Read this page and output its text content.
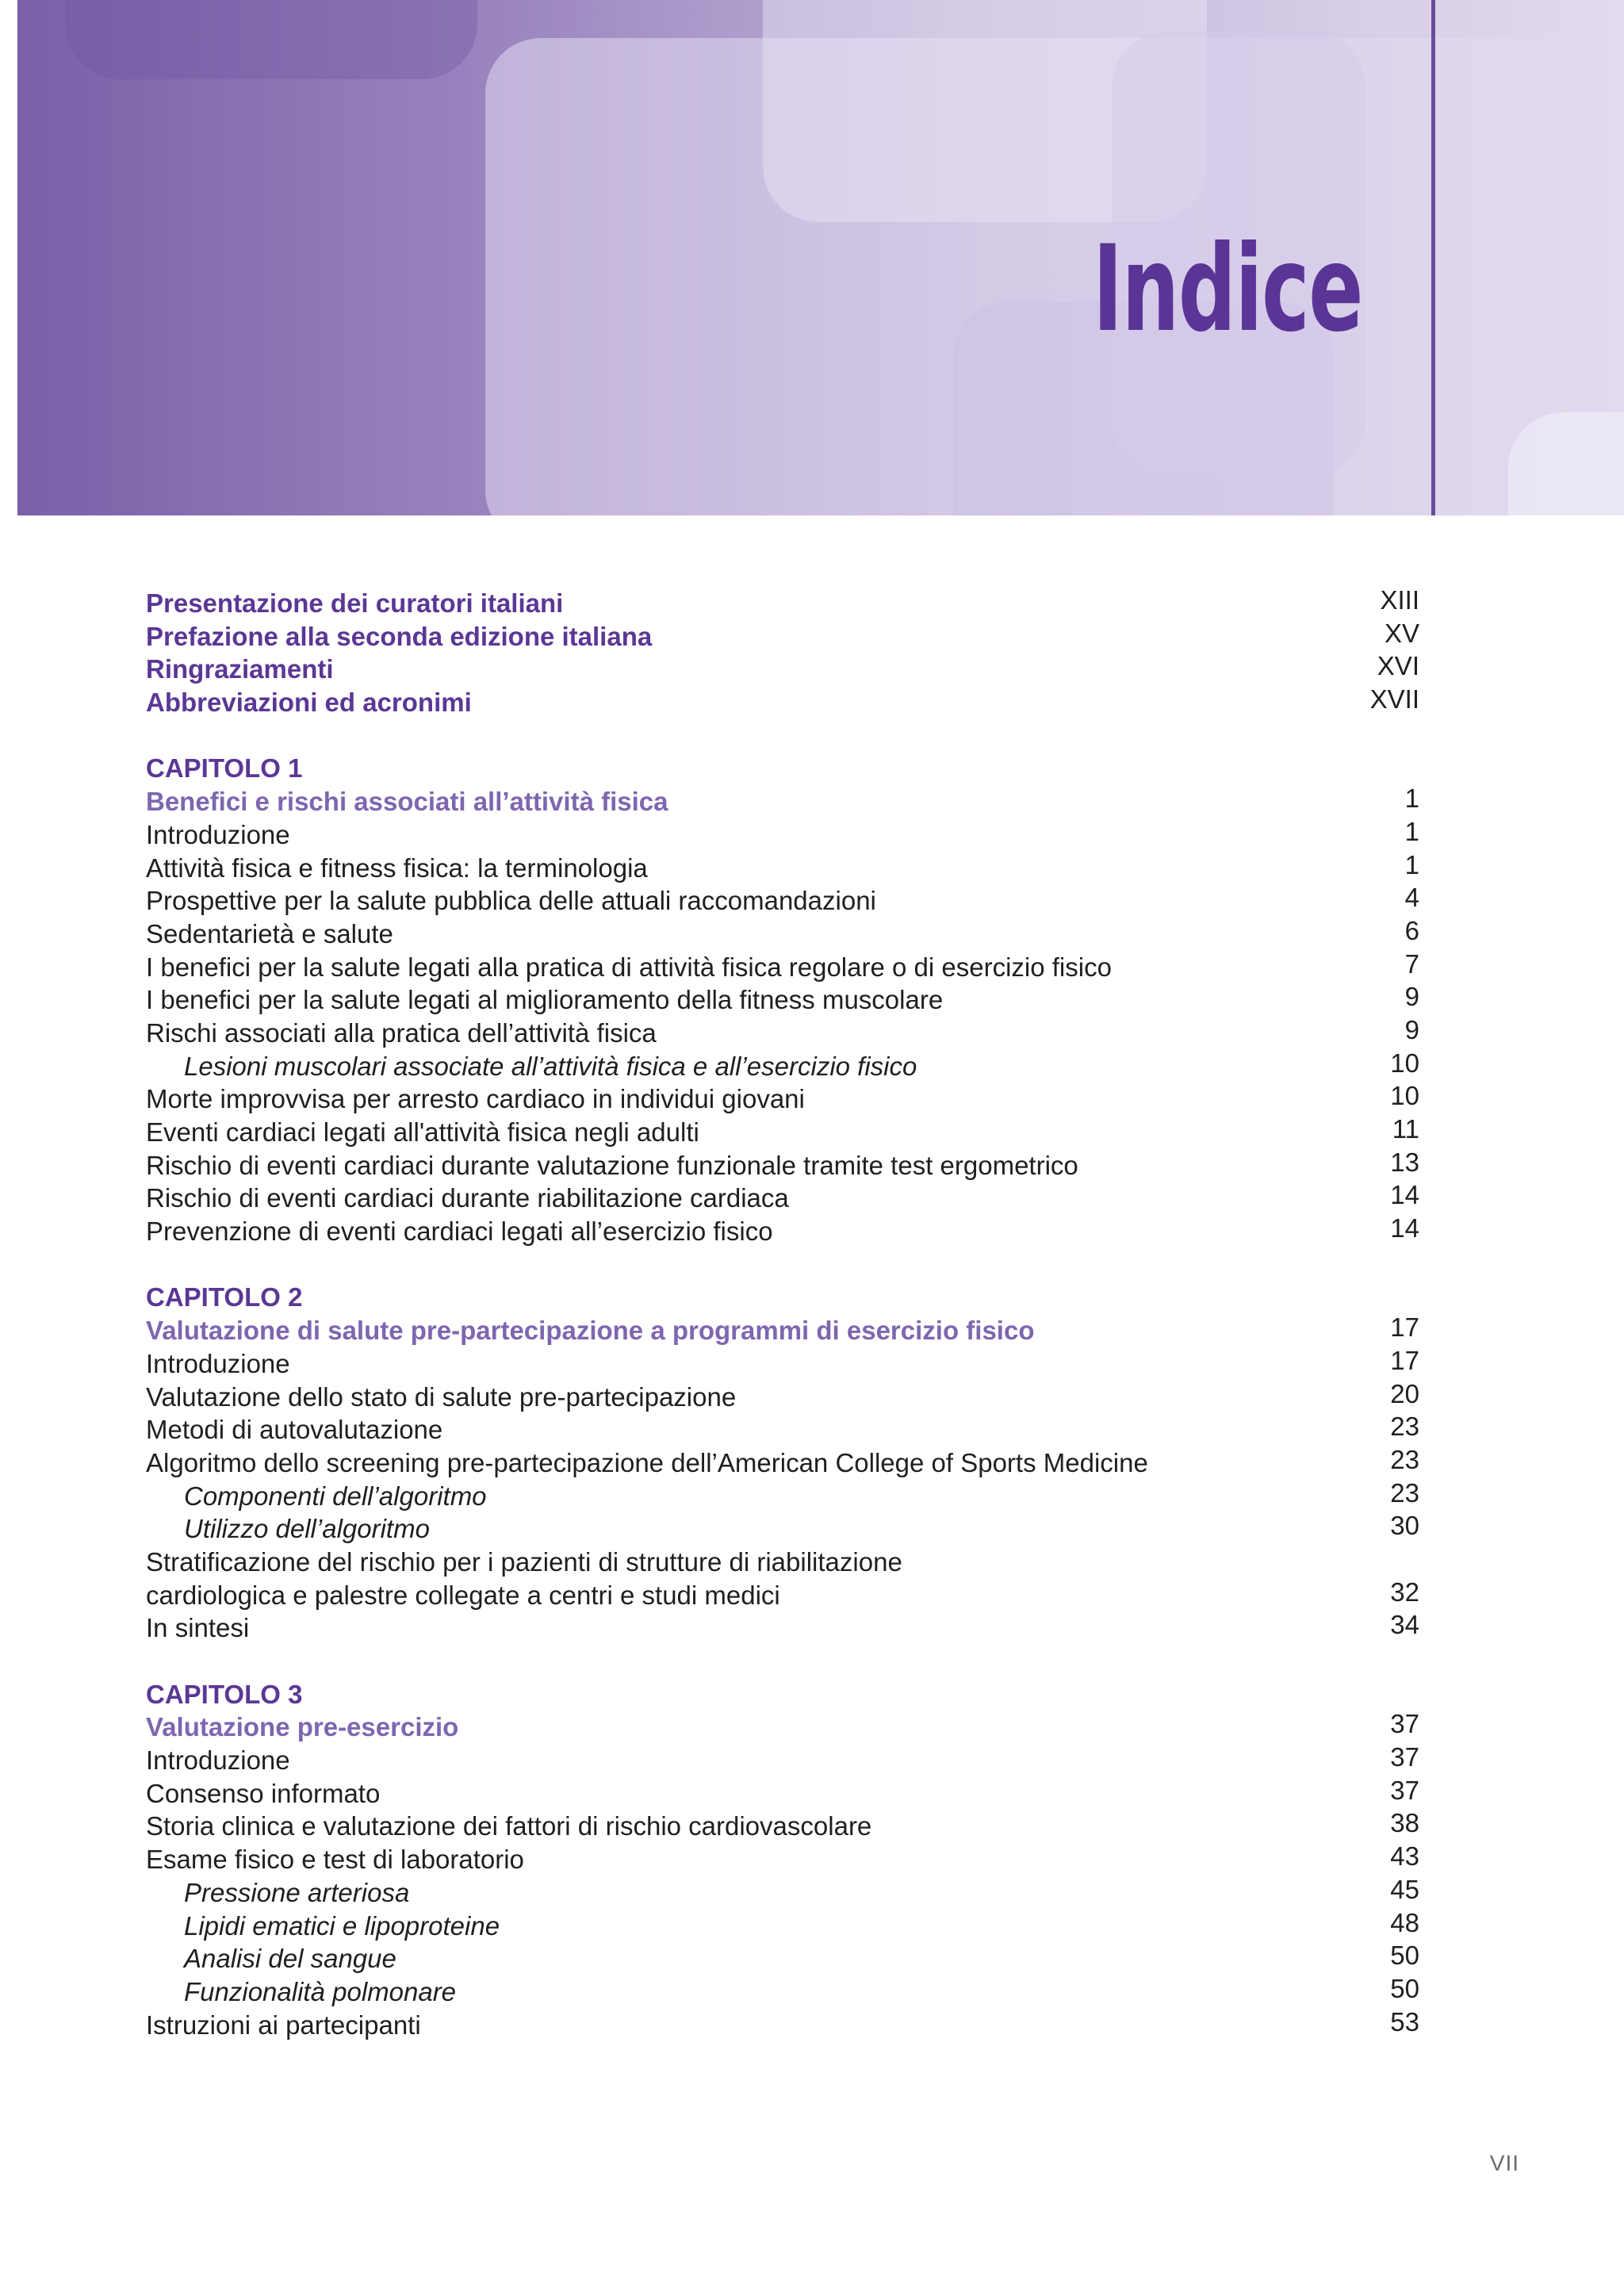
Indice
Presentazione dei curatori italiani	XIII
Prefazione alla seconda edizione italiana	XV
Ringraziamenti	XVI
Abbreviazioni ed acronimi	XVII
CAPITOLO 1
Benefici e rischi associati all’attività fisica	1
Introduzione	1
Attività fisica e fitness fisica: la terminologia	1
Prospettive per la salute pubblica delle attuali raccomandazioni	4
Sedentarietà e salute	6
I benefici per la salute legati alla pratica di attività fisica regolare o di esercizio fisico	7
I benefici per la salute legati al miglioramento della fitness muscolare	9
Rischi associati alla pratica dell’attività fisica	9
Lesioni muscolari associate all’attività fisica e all’esercizio fisico	10
Morte improvvisa per arresto cardiaco in individui giovani	10
Eventi cardiaci legati all'attività fisica negli adulti	11
Rischio di eventi cardiaci durante valutazione funzionale tramite test ergometrico	13
Rischio di eventi cardiaci durante riabilitazione cardiaca	14
Prevenzione di eventi cardiaci legati all’esercizio fisico	14
CAPITOLO 2
Valutazione di salute pre-partecipazione a programmi di esercizio fisico	17
Introduzione	17
Valutazione dello stato di salute pre-partecipazione	20
Metodi di autovalutazione	23
Algoritmo dello screening pre-partecipazione dell’American College of Sports Medicine	23
Componenti dell’algoritmo	23
Utilizzo dell’algoritmo	30
Stratificazione del rischio per i pazienti di strutture di riabilitazione
cardiologica e palestre collegate a centri e studi medici	32
In sintesi	34
CAPITOLO 3
Valutazione pre-esercizio	37
Introduzione	37
Consenso informato	37
Storia clinica e valutazione dei fattori di rischio cardiovascolare	38
Esame fisico e test di laboratorio	43
Pressione arteriosa	45
Lipidi ematici e lipoproteine	48
Analisi del sangue	50
Funzionalità polmonare	50
Istruzioni ai partecipanti	53
VII
